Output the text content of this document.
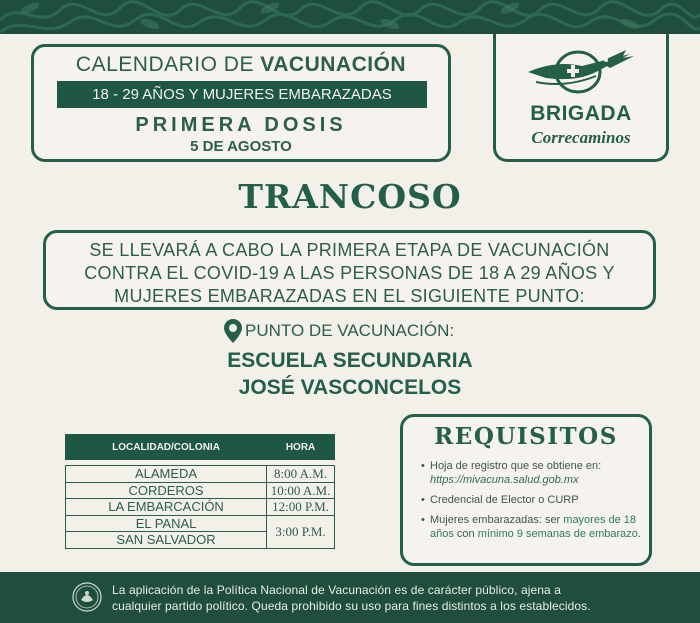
CALENDARIO DE VACUNACIÓN
18 - 29 AÑOS Y MUJERES EMBARAZADAS
PRIMERA DOSIS
5 DE AGOSTO
BRIGADA
Correcaminos
TRANCOSO
SE LLEVARÁ A CABO LA PRIMERA ETAPA DE VACUNACIÓN
CONTRA EL COVID-19 A LAS PERSONAS DE 18 A 29 AÑOS Y
MUJERES EMBARAZADAS EN EL SIGUIENTE PUNTO:
PUNTO DE VACUNACIÓN:
ESCUELA SECUNDARIA
JOSÉ VASCONCELOS
LOCALIDAD/COLONIA	HORA

ALAMEDA	8:00 A.M.
CORDEROS	10:00 A.M.
LA EMBARCACIÓN	12:00 P.M.
EL PANAL	3:00 P.M.
SAN SALVADOR	
REQUISITOS
• Hoja de registro que se obtiene en: https://mivacuna.salud.gob.mx
• Credencial de Elector o CURP
• Mujeres embarazadas: ser mayores de 18 años con mínimo 9 semanas de embarazo.
La aplicación de la Política Nacional de Vacunación es de carácter público, ajena a
cualquier partido político. Queda prohibido su uso para fines distintos a los establecidos.
